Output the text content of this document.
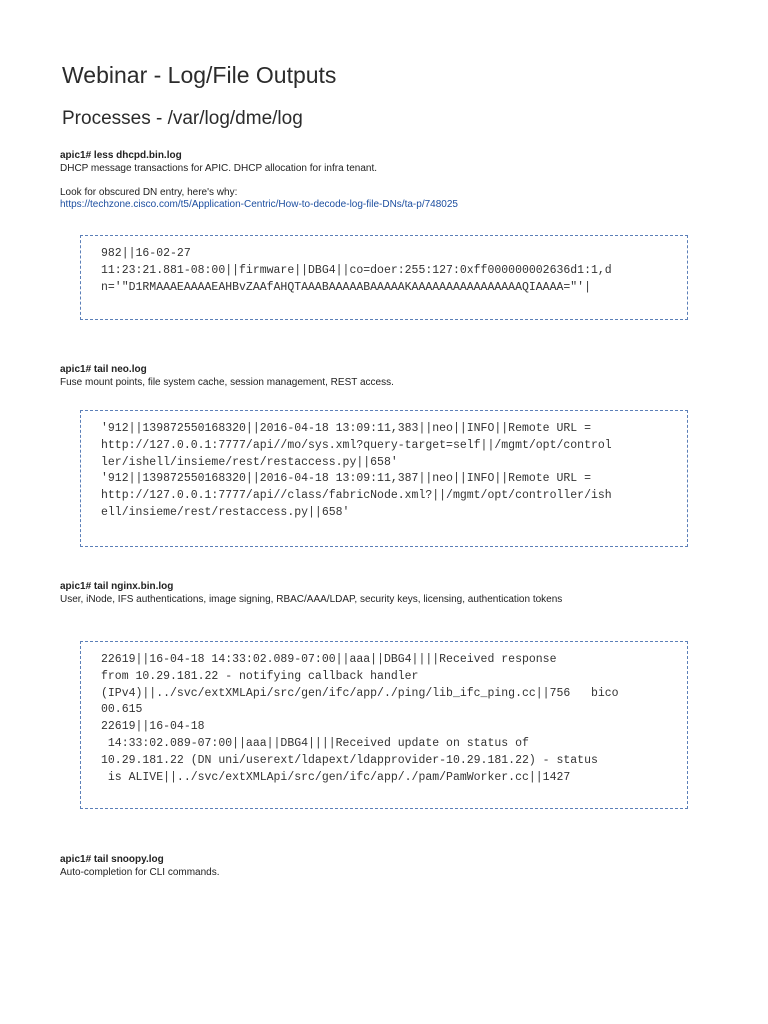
Webinar - Log/File Outputs
Processes - /var/log/dme/log
apic1# less dhcpd.bin.log
DHCP message transactions for APIC. DHCP allocation for infra tenant.
Look for obscured DN entry, here's why:
https://techzone.cisco.com/t5/Application-Centric/How-to-decode-log-file-DNs/ta-p/748025
982||16-02-27
11:23:21.881-08:00||firmware||DBG4||co=doer:255:127:0xff000000002636d1:1,d
n='"D1RMAAAEAAAAEAHBvZAAfAHQTAAABAAAAABAAAAAKAAAAAAAAAAAAAAAAQIAAAA="'|
apic1# tail neo.log
Fuse mount points, file system cache, session management, REST access.
'912||139872550168320||2016-04-18 13:09:11,383||neo||INFO||Remote URL =
http://127.0.0.1:7777/api//mo/sys.xml?query-target=self||/mgmt/opt/control
ler/ishell/insieme/rest/restaccess.py||658'
'912||139872550168320||2016-04-18 13:09:11,387||neo||INFO||Remote URL =
http://127.0.0.1:7777/api//class/fabricNode.xml?||/mgmt/opt/controller/ish
ell/insieme/rest/restaccess.py||658'
apic1# tail nginx.bin.log
User, iNode, IFS authentications, image signing, RBAC/AAA/LDAP, security keys, licensing, authentication tokens
22619||16-04-18 14:33:02.089-07:00||aaa||DBG4||||Received response
from 10.29.181.22 - notifying callback handler
(IPv4)||../svc/extXMLApi/src/gen/ifc/app/./ping/lib_ifc_ping.cc||756   bico
00.615
22619||16-04-18
14:33:02.089-07:00||aaa||DBG4||||Received update on status of
10.29.181.22 (DN uni/userext/ldapext/ldapprovider-10.29.181.22) - status
is ALIVE||../svc/extXMLApi/src/gen/ifc/app/./pam/PamWorker.cc||1427
apic1# tail snoopy.log
Auto-completion for CLI commands.
